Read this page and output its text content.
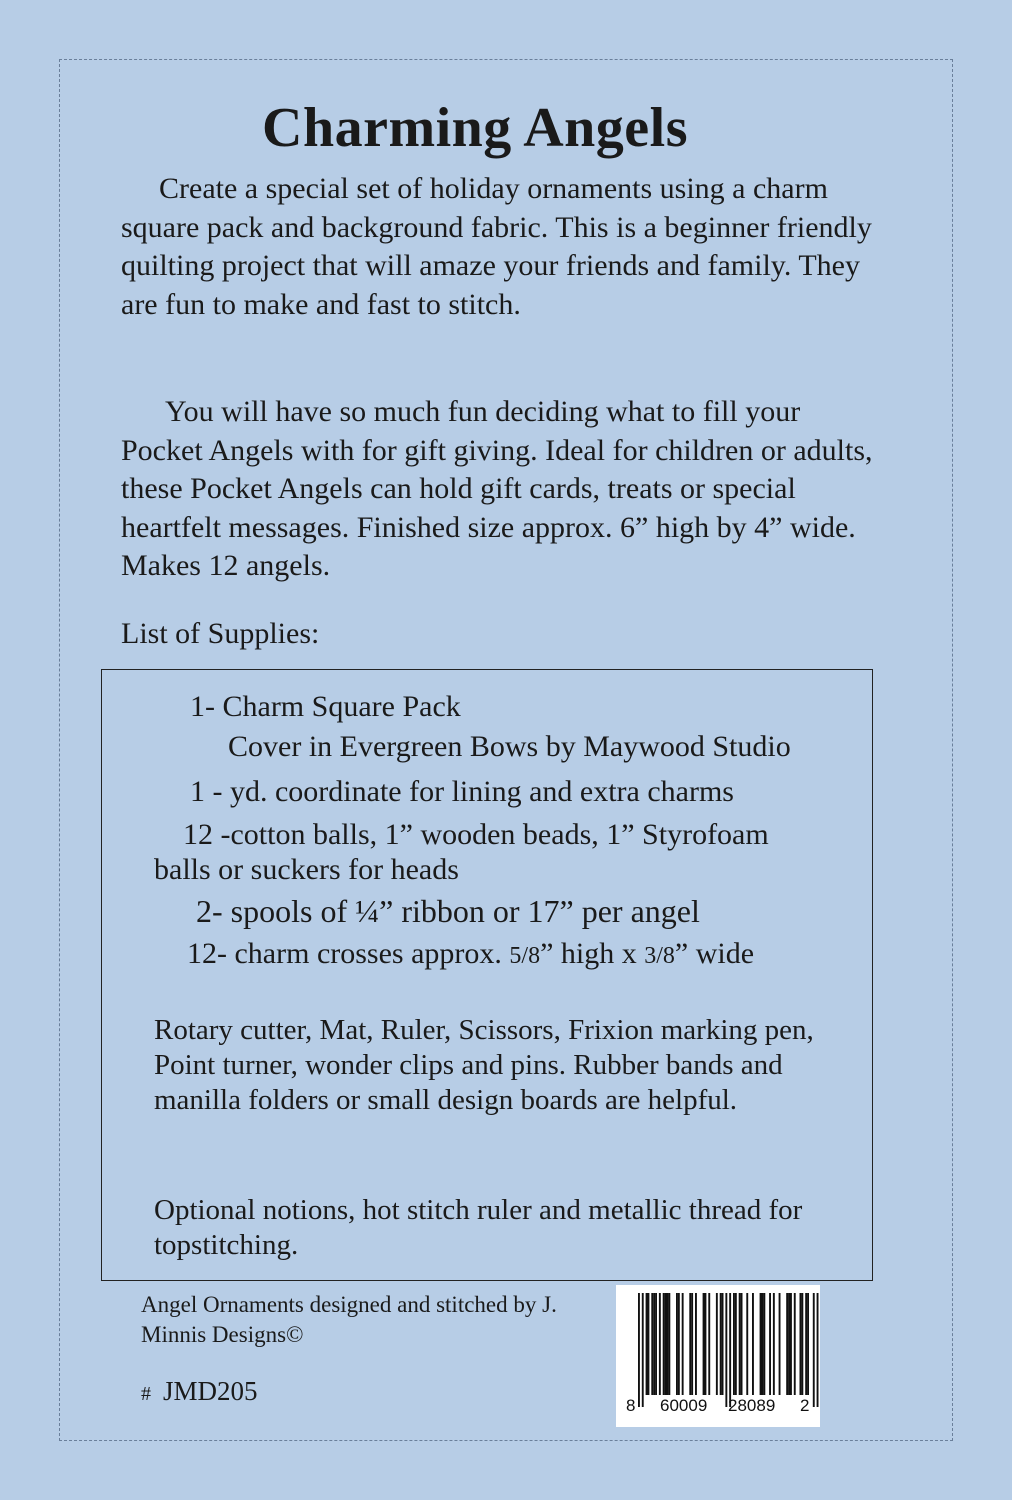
Charming Angels

Create a special set of holiday ornaments using a charm square pack and background fabric. This is a beginner friendly quilting project that will amaze your friends and family. They are fun to make and fast to stitch.

You will have so much fun deciding what to fill your Pocket Angels with for gift giving. Ideal for children or adults, these Pocket Angels can hold gift cards, treats or special heartfelt messages. Finished size approx. 6” high by 4” wide. Makes 12 angels.

List of Supplies:

1- Charm Square Pack

Cover in Evergreen Bows by Maywood Studio

1 - yd. coordinate for lining and extra charms

12 -cotton balls, 1” wooden beads, 1” Styrofoam

balls or suckers for heads

2- spools of ¼” ribbon or 17” per angel

12- charm crosses approx. 5/8” high x 3/8” wide

Rotary cutter, Mat, Ruler, Scissors, Frixion marking pen, Point turner, wonder clips and pins. Rubber bands and manilla folders or small design boards are helpful.

Optional notions, hot stitch ruler and metallic thread for topstitching.

Angel Ornaments designed and stitched by J. Minnis Designs©

# JMD205	8 60009 28089 2
